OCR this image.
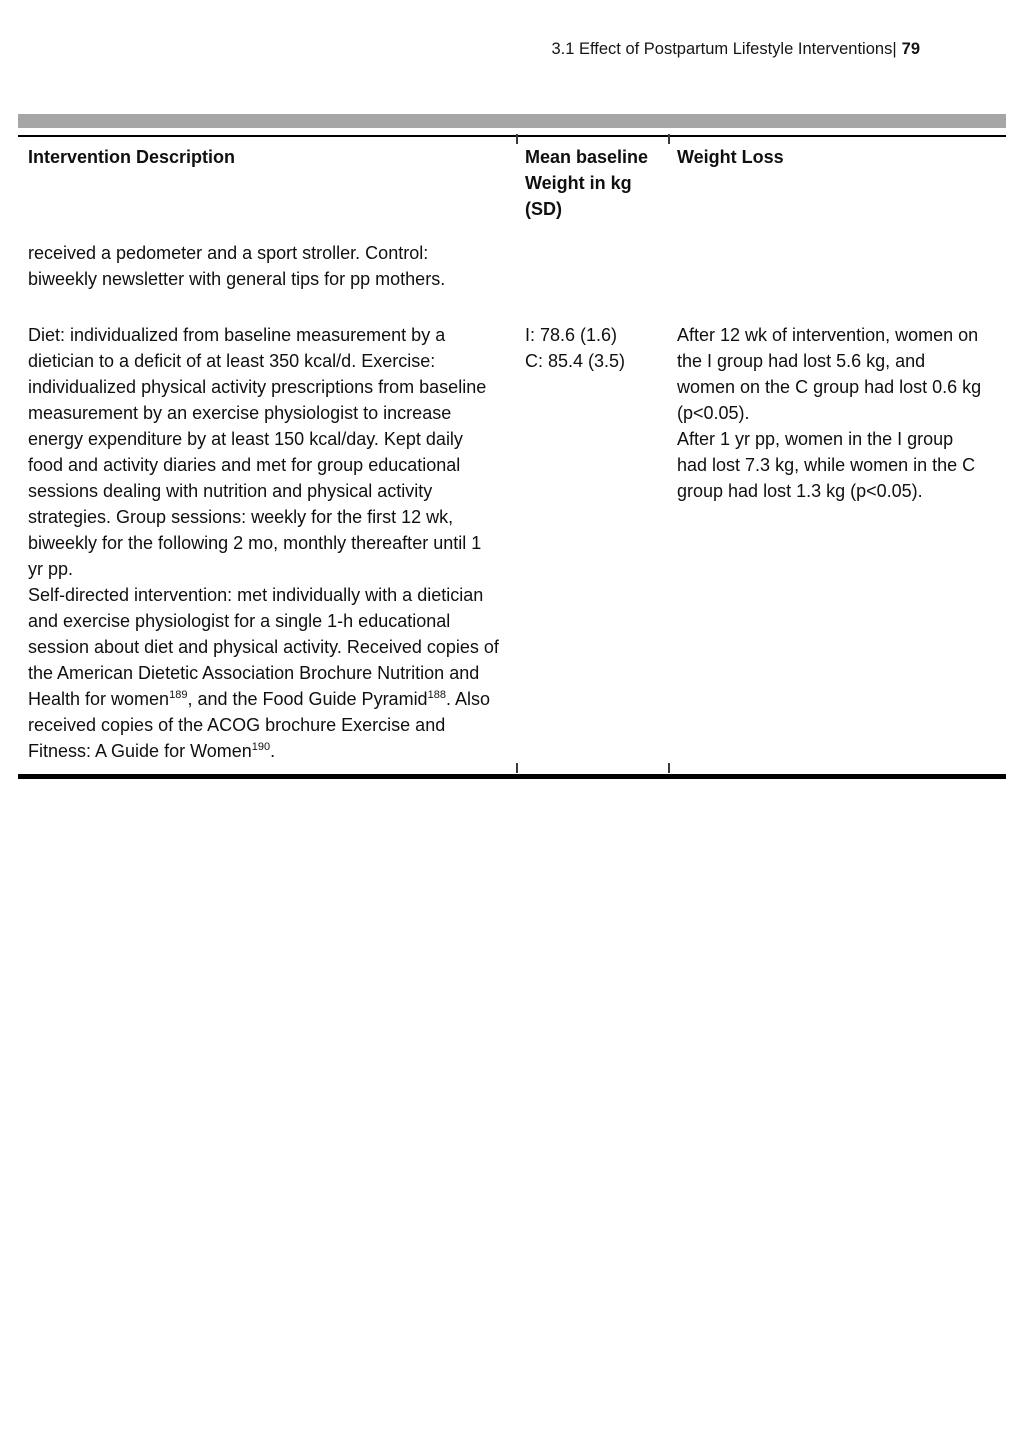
3.1 Effect of Postpartum Lifestyle Interventions| 79
Intervention Description	Mean baseline Weight in kg (SD)
Weight Loss

received a pedometer and a sport stroller. Control: biweekly newsletter with general tips for pp mothers.

Diet: individualized from baseline measurement by a dietician to a deficit of at least 350 kcal/d. Exercise: individualized physical activity prescriptions from baseline measurement by an exercise physiologist to increase energy expenditure by at least 150 kcal/day. Kept daily food and activity diaries and met for group educational sessions dealing with nutrition and physical activity strategies. Group sessions: weekly for the first 12 wk, biweekly for the following 2 mo, monthly thereafter until 1 yr pp.

Self-directed intervention: met individually with a dietician and exercise physiologist for a single 1-h educational session about diet and physical activity. Received copies of the American Dietetic Association Brochure Nutrition and Health for women$^{189}$, and the Food Guide Pyramid$^{188}$. Also received copies of the ACOG brochure Exercise and Fitness: A Guide for Women$^{190}$.

I: 78.6 (1.6)

C: 85.4 (3.5)

After 12 wk of intervention, women on the I group had lost 5.6 kg, and women on the C group had lost 0.6 kg (p<0.05).

After 1 yr pp, women in the I group had lost 7.3 kg, while women in the C group had lost 1.3 kg (p<0.05).
